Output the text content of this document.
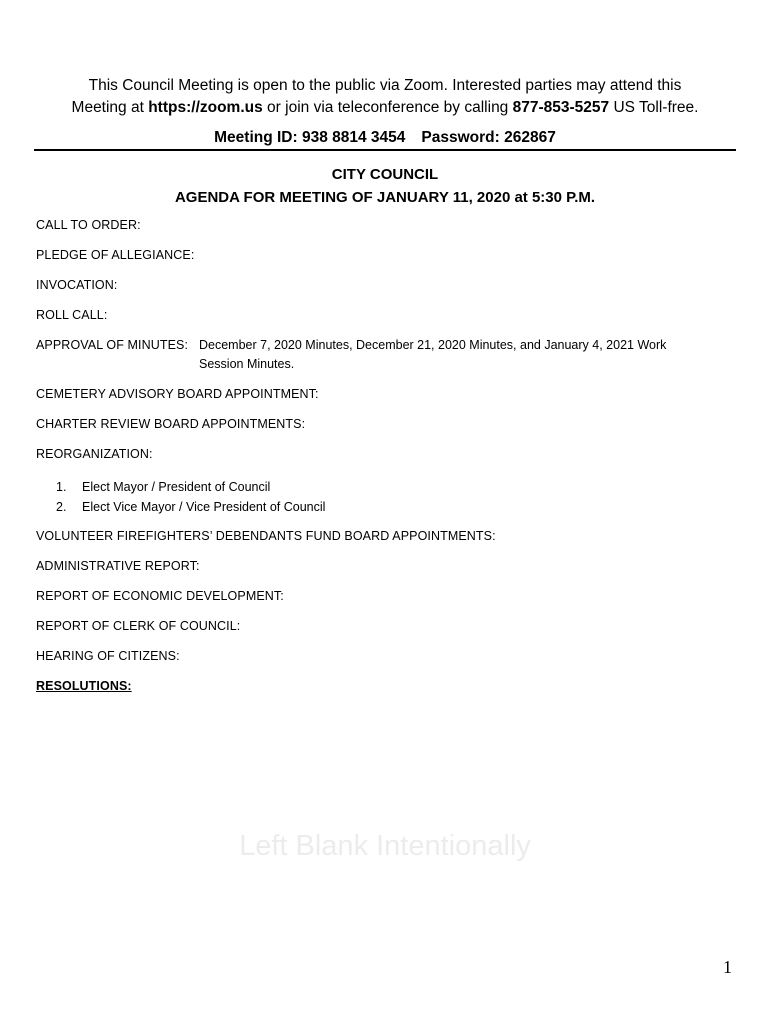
This Council Meeting is open to the public via Zoom. Interested parties may attend this
Meeting at https://zoom.us or join via teleconference by calling 877-853-5257 US Toll-free.
Meeting ID: 938 8814 3454 Password: 262867
CITY COUNCIL
AGENDA FOR MEETING OF JANUARY 11, 2020 at 5:30 P.M.
CALL TO ORDER:
PLEDGE OF ALLEGIANCE:
INVOCATION:
ROLL CALL:
APPROVAL OF MINUTES: December 7, 2020 Minutes, December 21, 2020 Minutes, and January 4, 2021 Work
Session Minutes.
CEMETERY ADVISORY BOARD APPOINTMENT:
CHARTER REVIEW BOARD APPOINTMENTS:
REORGANIZATION:
1. Elect Mayor / President of Council
2. Elect Vice Mayor / Vice President of Council
VOLUNTEER FIREFIGHTERS’ DEBENDANTS FUND BOARD APPOINTMENTS:
ADMINISTRATIVE REPORT:
REPORT OF ECONOMIC DEVELOPMENT:
REPORT OF CLERK OF COUNCIL:
HEARING OF CITIZENS:
RESOLUTIONS:
Left Blank Intentionally
1
